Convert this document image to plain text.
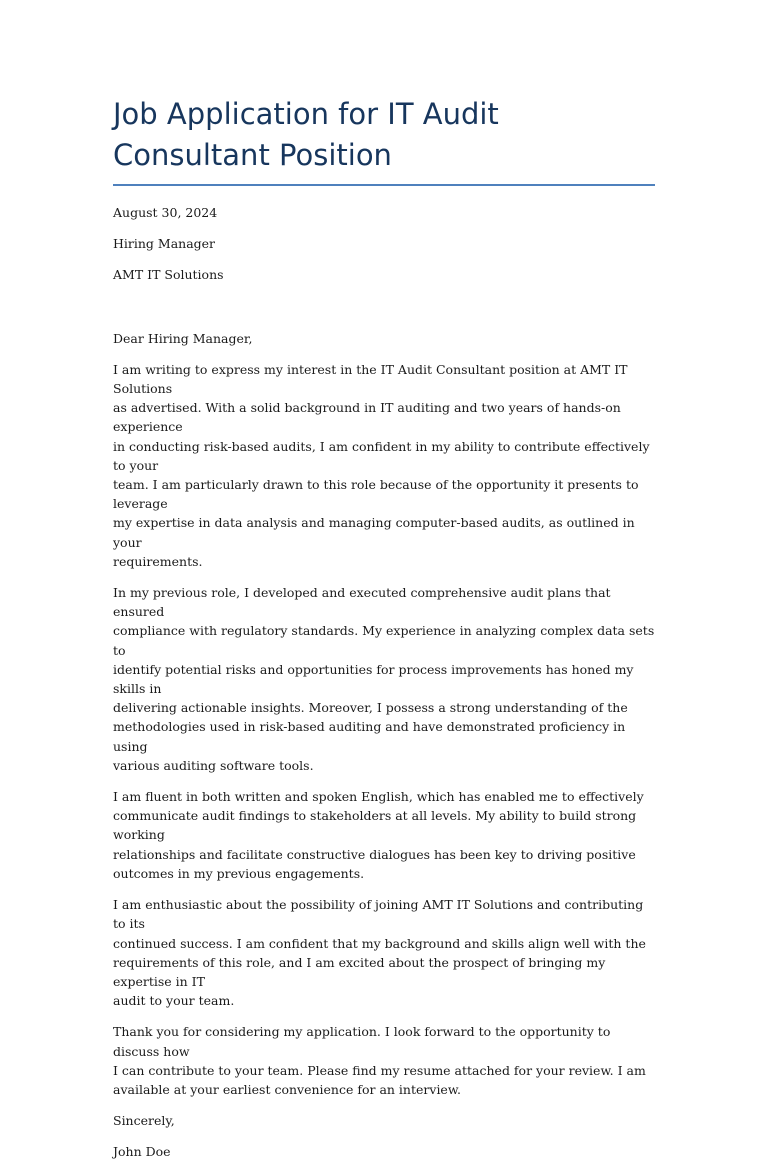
Job Application for IT Audit Consultant Position

August 30, 2024

Hiring Manager

AMT IT Solutions

Dear Hiring Manager,

I am writing to express my interest in the IT Audit Consultant position at AMT IT Solutions
as advertised. With a solid background in IT auditing and two years of hands-on experience
in conducting risk-based audits, I am confident in my ability to contribute effectively to your
team. I am particularly drawn to this role because of the opportunity it presents to leverage
my expertise in data analysis and managing computer-based audits, as outlined in your
requirements.

In my previous role, I developed and executed comprehensive audit plans that ensured
compliance with regulatory standards. My experience in analyzing complex data sets to
identify potential risks and opportunities for process improvements has honed my skills in
delivering actionable insights. Moreover, I possess a strong understanding of the
methodologies used in risk-based auditing and have demonstrated proficiency in using
various auditing software tools.

I am fluent in both written and spoken English, which has enabled me to effectively
communicate audit findings to stakeholders at all levels. My ability to build strong working
relationships and facilitate constructive dialogues has been key to driving positive
outcomes in my previous engagements.

I am enthusiastic about the possibility of joining AMT IT Solutions and contributing to its
continued success. I am confident that my background and skills align well with the
requirements of this role, and I am excited about the prospect of bringing my expertise in IT
audit to your team.

Thank you for considering my application. I look forward to the opportunity to discuss how
I can contribute to your team. Please find my resume attached for your review. I am
available at your earliest convenience for an interview.

Sincerely,

John Doe
